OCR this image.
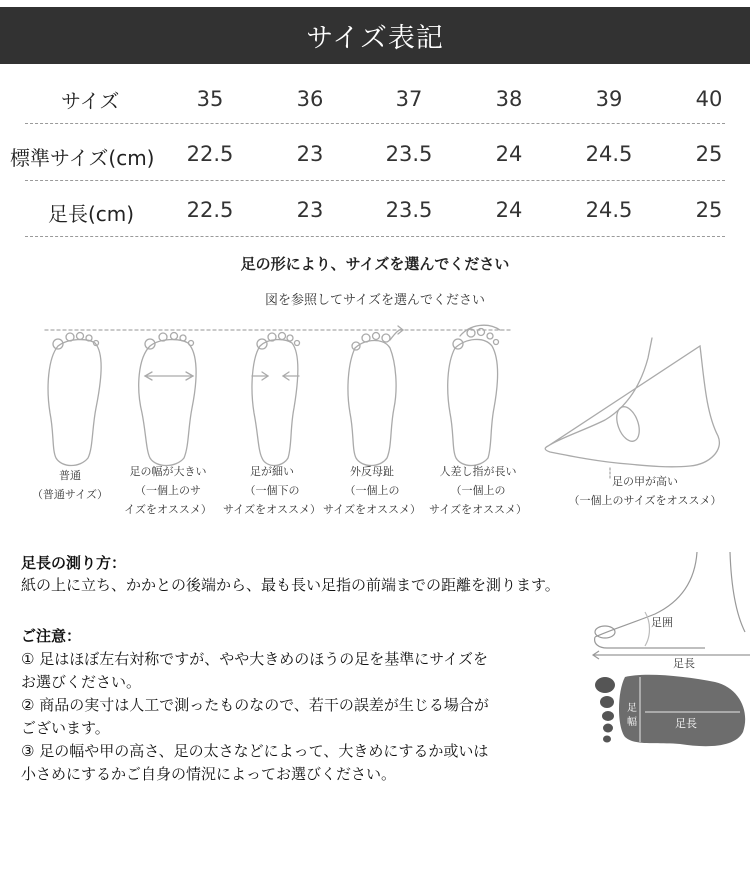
サイズ表記
サイズ	35	36	37	38	39	40
標準サイズ(cm)	22.5	23	23.5	24	24.5	25
足長(cm)	22.5	23	23.5	24	24.5	25
足の形により、サイズを選んでください
図を参照してサイズを選んでください
普通
（普通サイズ）
足の幅が大きい
（一個上のサ
イズをオススメ）
足が細い
（一個下の
サイズをオススメ）
外反母趾
（一個上の
サイズをオススメ）
人差し指が長い
（一個上の
サイズをオススメ）
足の甲が高い
（一個上のサイズをオススメ）
足長の測り方：
紙の上に立ち、かかとの後端から、最も長い足指の前端までの距離を測ります。
ご注意：
① 足はほぼ左右対称ですが、やや大きめのほうの足を基準にサイズを
お選びください。
② 商品の実寸は人工で測ったものなので、若干の誤差が生じる場合が
ございます。
③ 足の幅や甲の高さ、足の太さなどによって、大きめにするか或いは
小さめにするかご自身の情況によってお選びください。
足囲
足長
足
幅	足長
